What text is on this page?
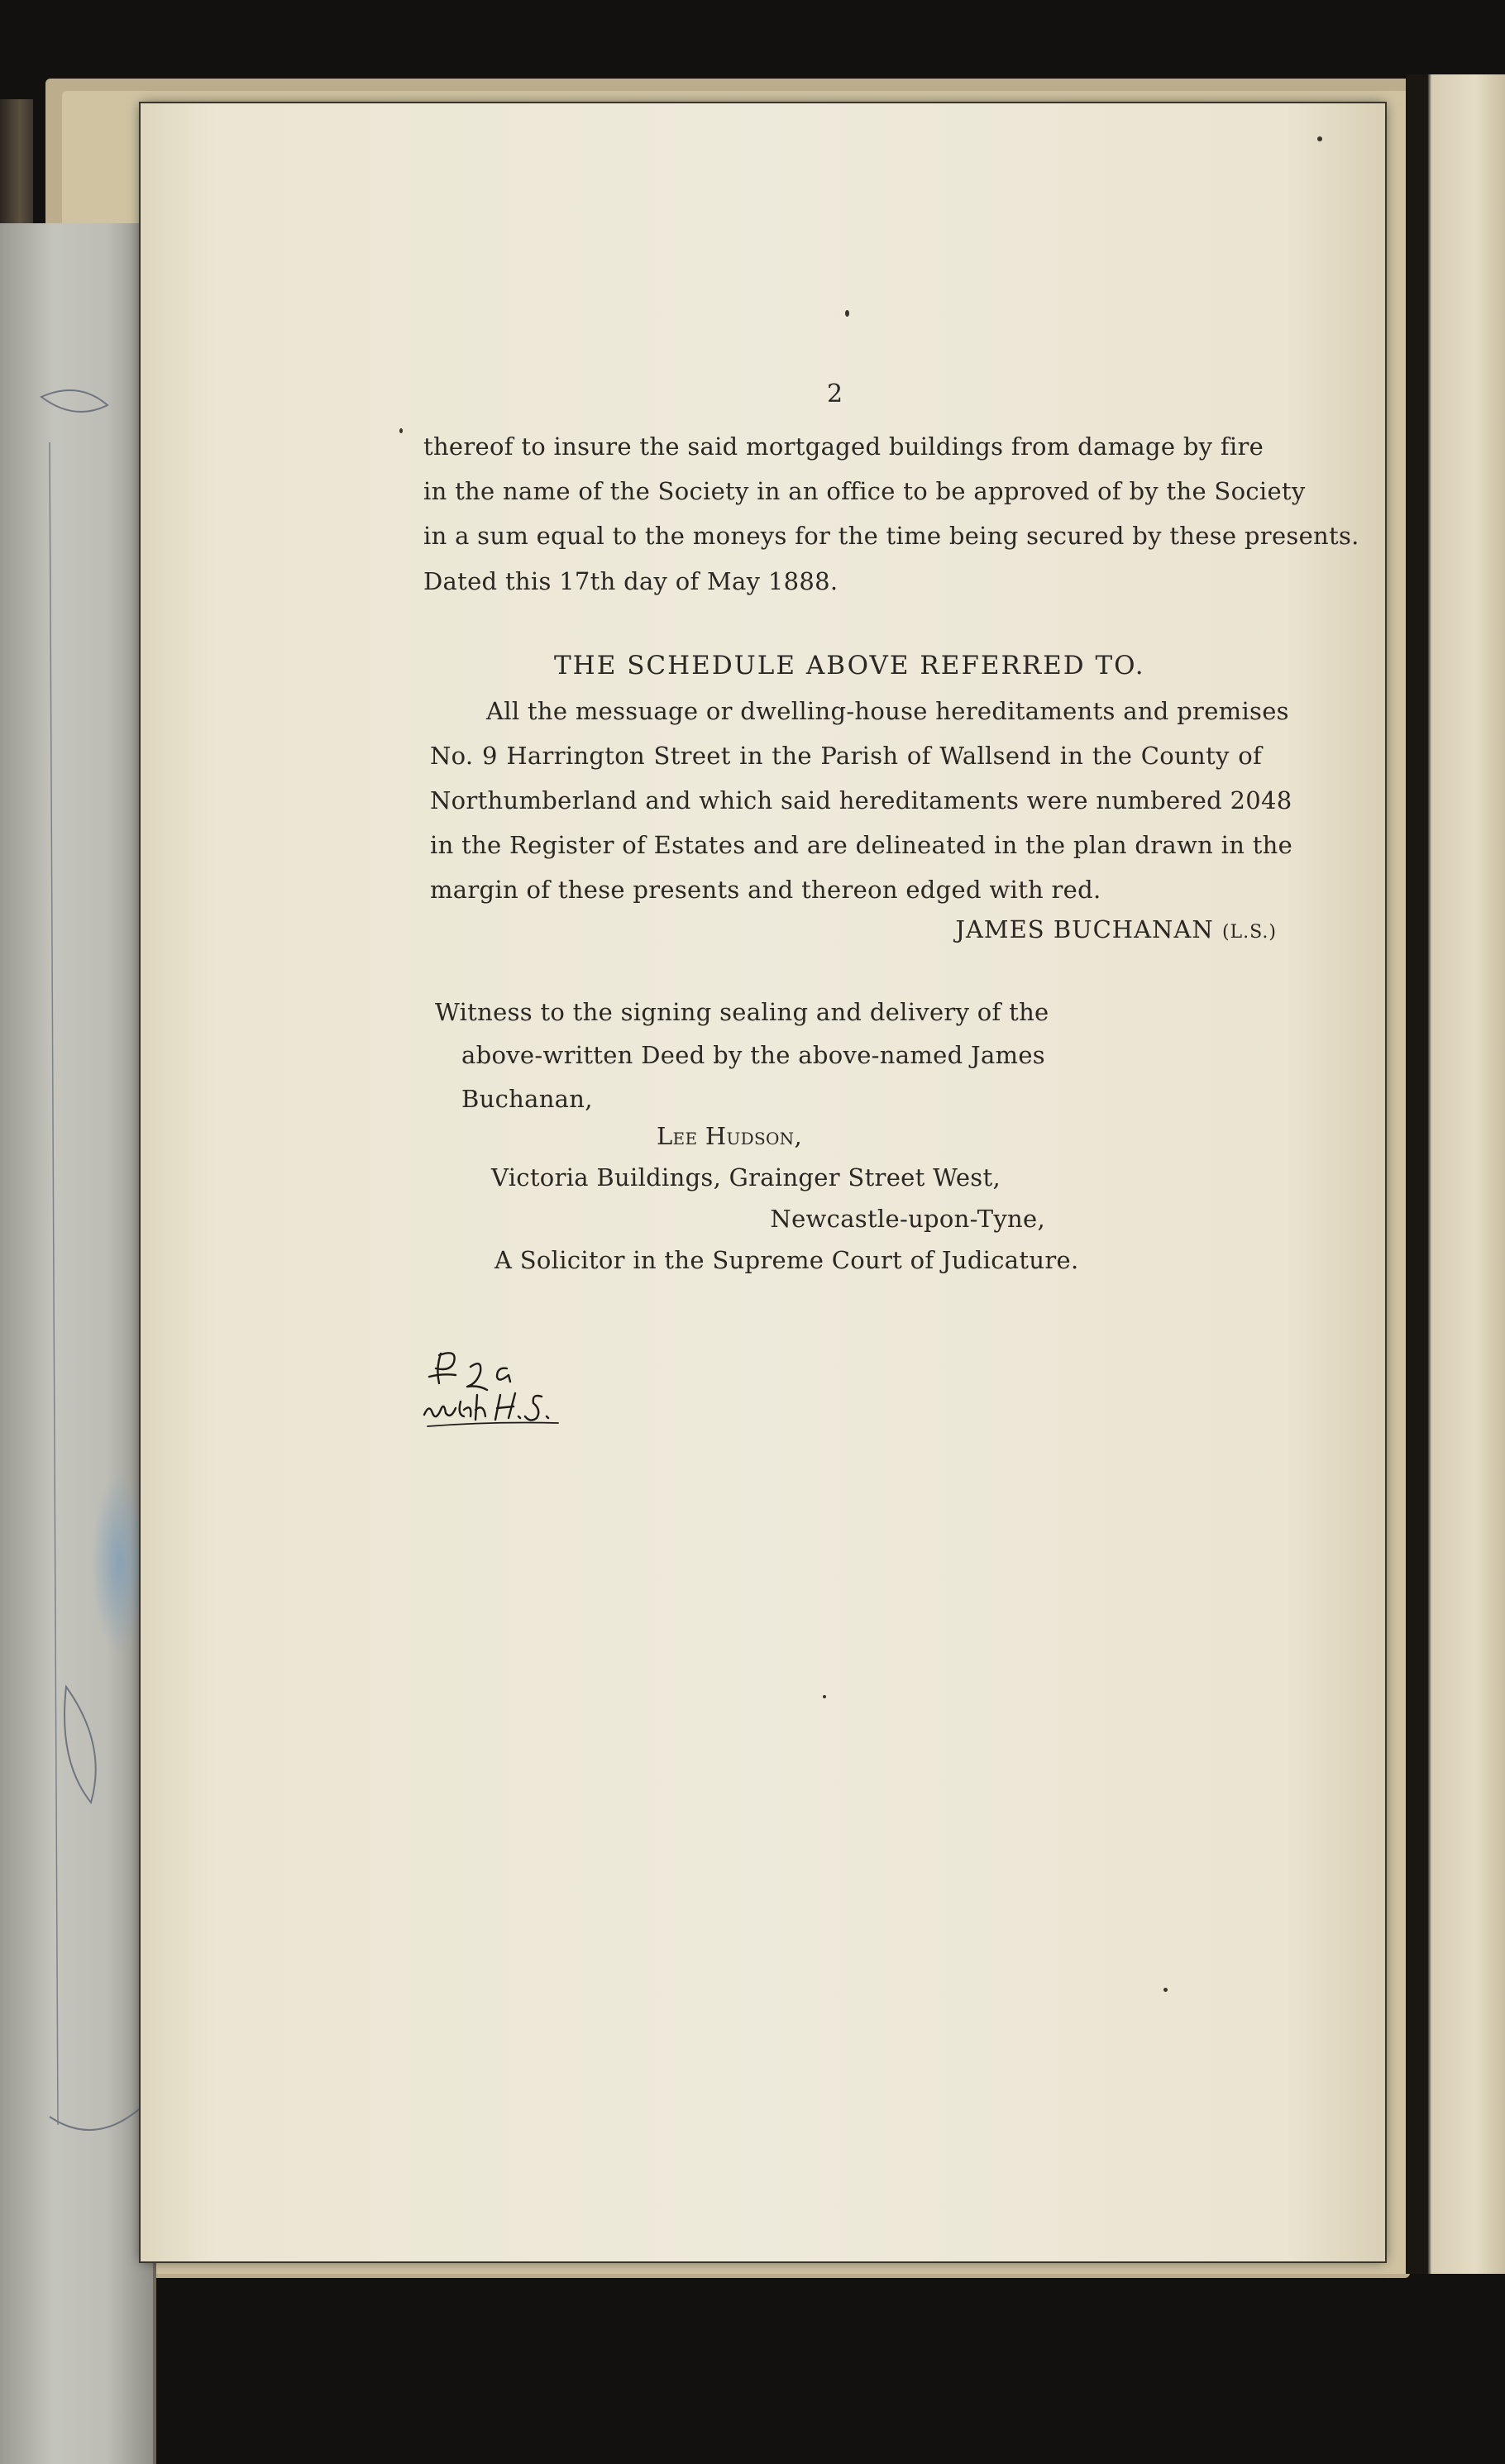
2
thereof to insure the said mortgaged buildings from damage by fire
in the name of the Society in an office to be approved of by the Society
in a sum equal to the moneys for the time being secured by these presents.
Dated this 17th day of May 1888.
THE SCHEDULE ABOVE REFERRED TO.
All the messuage or dwelling-house hereditaments and premises
No. 9 Harrington Street in the Parish of Wallsend in the County of
Northumberland and which said hereditaments were numbered 2048
in the Register of Estates and are delineated in the plan drawn in the
margin of these presents and thereon edged with red.
JAMES BUCHANAN (L.S.)
Witness to the signing sealing and delivery of the
above-written Deed by the above-named James
Buchanan,
Lee Hudson,
Victoria Buildings, Grainger Street West,
Newcastle-upon-Tyne,
A Solicitor in the Supreme Court of Judicature.
